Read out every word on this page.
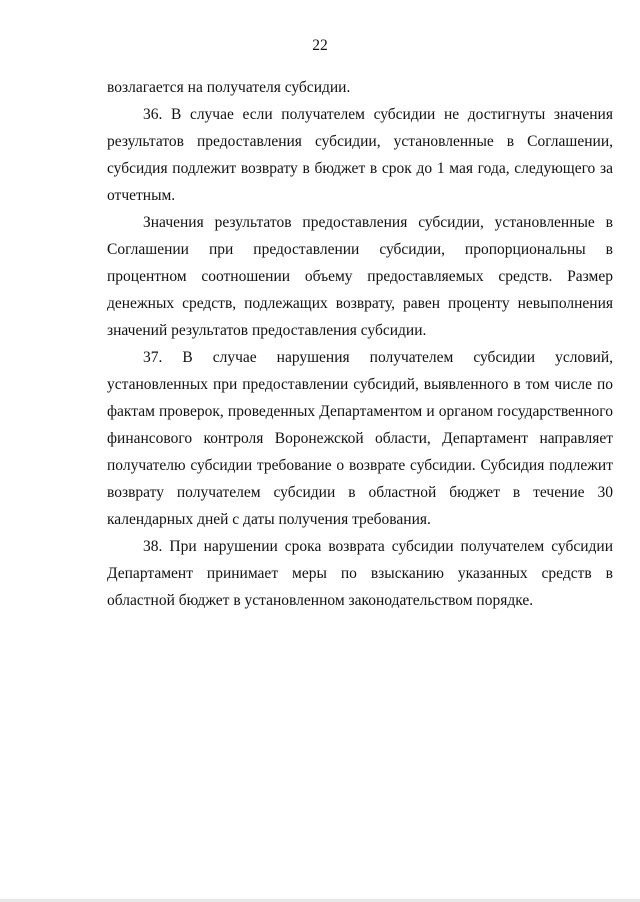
22

возлагается на получателя субсидии.

36. В случае если получателем субсидии не достигнуты значения результатов предоставления субсидии, установленные в Соглашении, субсидия подлежит возврату в бюджет в срок до 1 мая года, следующего за отчетным.

Значения результатов предоставления субсидии, установленные в Соглашении при предоставлении субсидии, пропорциональны в процентном соотношении объему предоставляемых средств. Размер денежных средств, подлежащих возврату, равен проценту невыполнения значений результатов предоставления субсидии.

37. В случае нарушения получателем субсидии условий, установленных при предоставлении субсидий, выявленного в том числе по фактам проверок, проведенных Департаментом и органом государственного финансового контроля Воронежской области, Департамент направляет получателю субсидии требование о возврате субсидии. Субсидия подлежит возврату получателем субсидии в областной бюджет в течение 30 календарных дней с даты получения требования.

38. При нарушении срока возврата субсидии получателем субсидии Департамент принимает меры по взысканию указанных средств в областной бюджет в установленном законодательством порядке.
